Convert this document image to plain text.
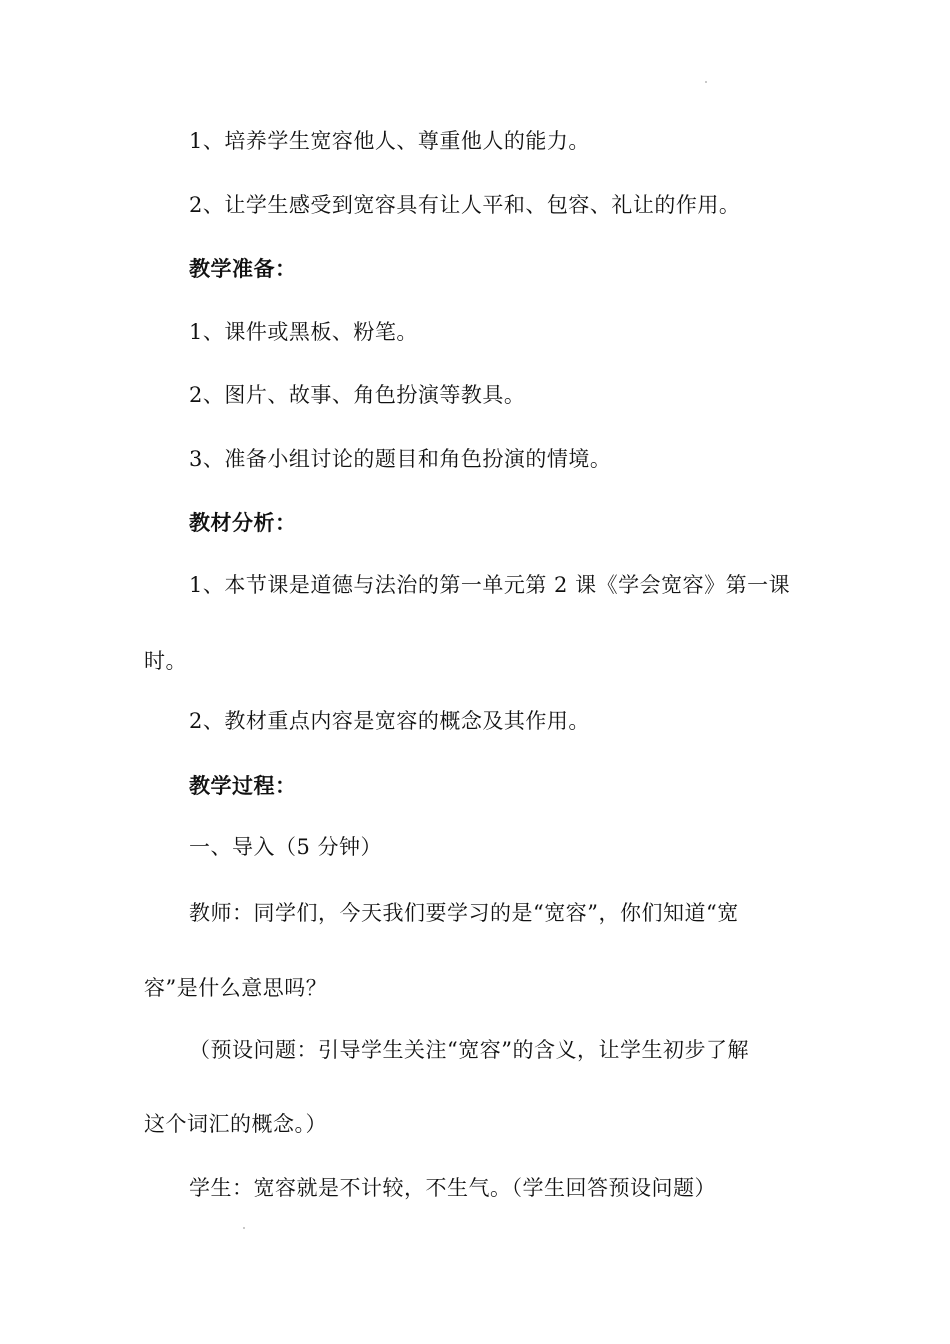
1、培养学生宽容他人、尊重他人的能力。
2、让学生感受到宽容具有让人平和、包容、礼让的作用。
教学准备：
1、课件或黑板、粉笔。
2、图片、故事、角色扮演等教具。
3、准备小组讨论的题目和角色扮演的情境。
教材分析：
1、本节课是道德与法治的第一单元第 2 课《学会宽容》第一课
时。
2、教材重点内容是宽容的概念及其作用。
教学过程：
一、导入（5 分钟）
教师：同学们，今天我们要学习的是“宽容”，你们知道“宽
容”是什么意思吗？
（预设问题：引导学生关注“宽容”的含义，让学生初步了解
这个词汇的概念。）
学生：宽容就是不计较，不生气。（学生回答预设问题）
